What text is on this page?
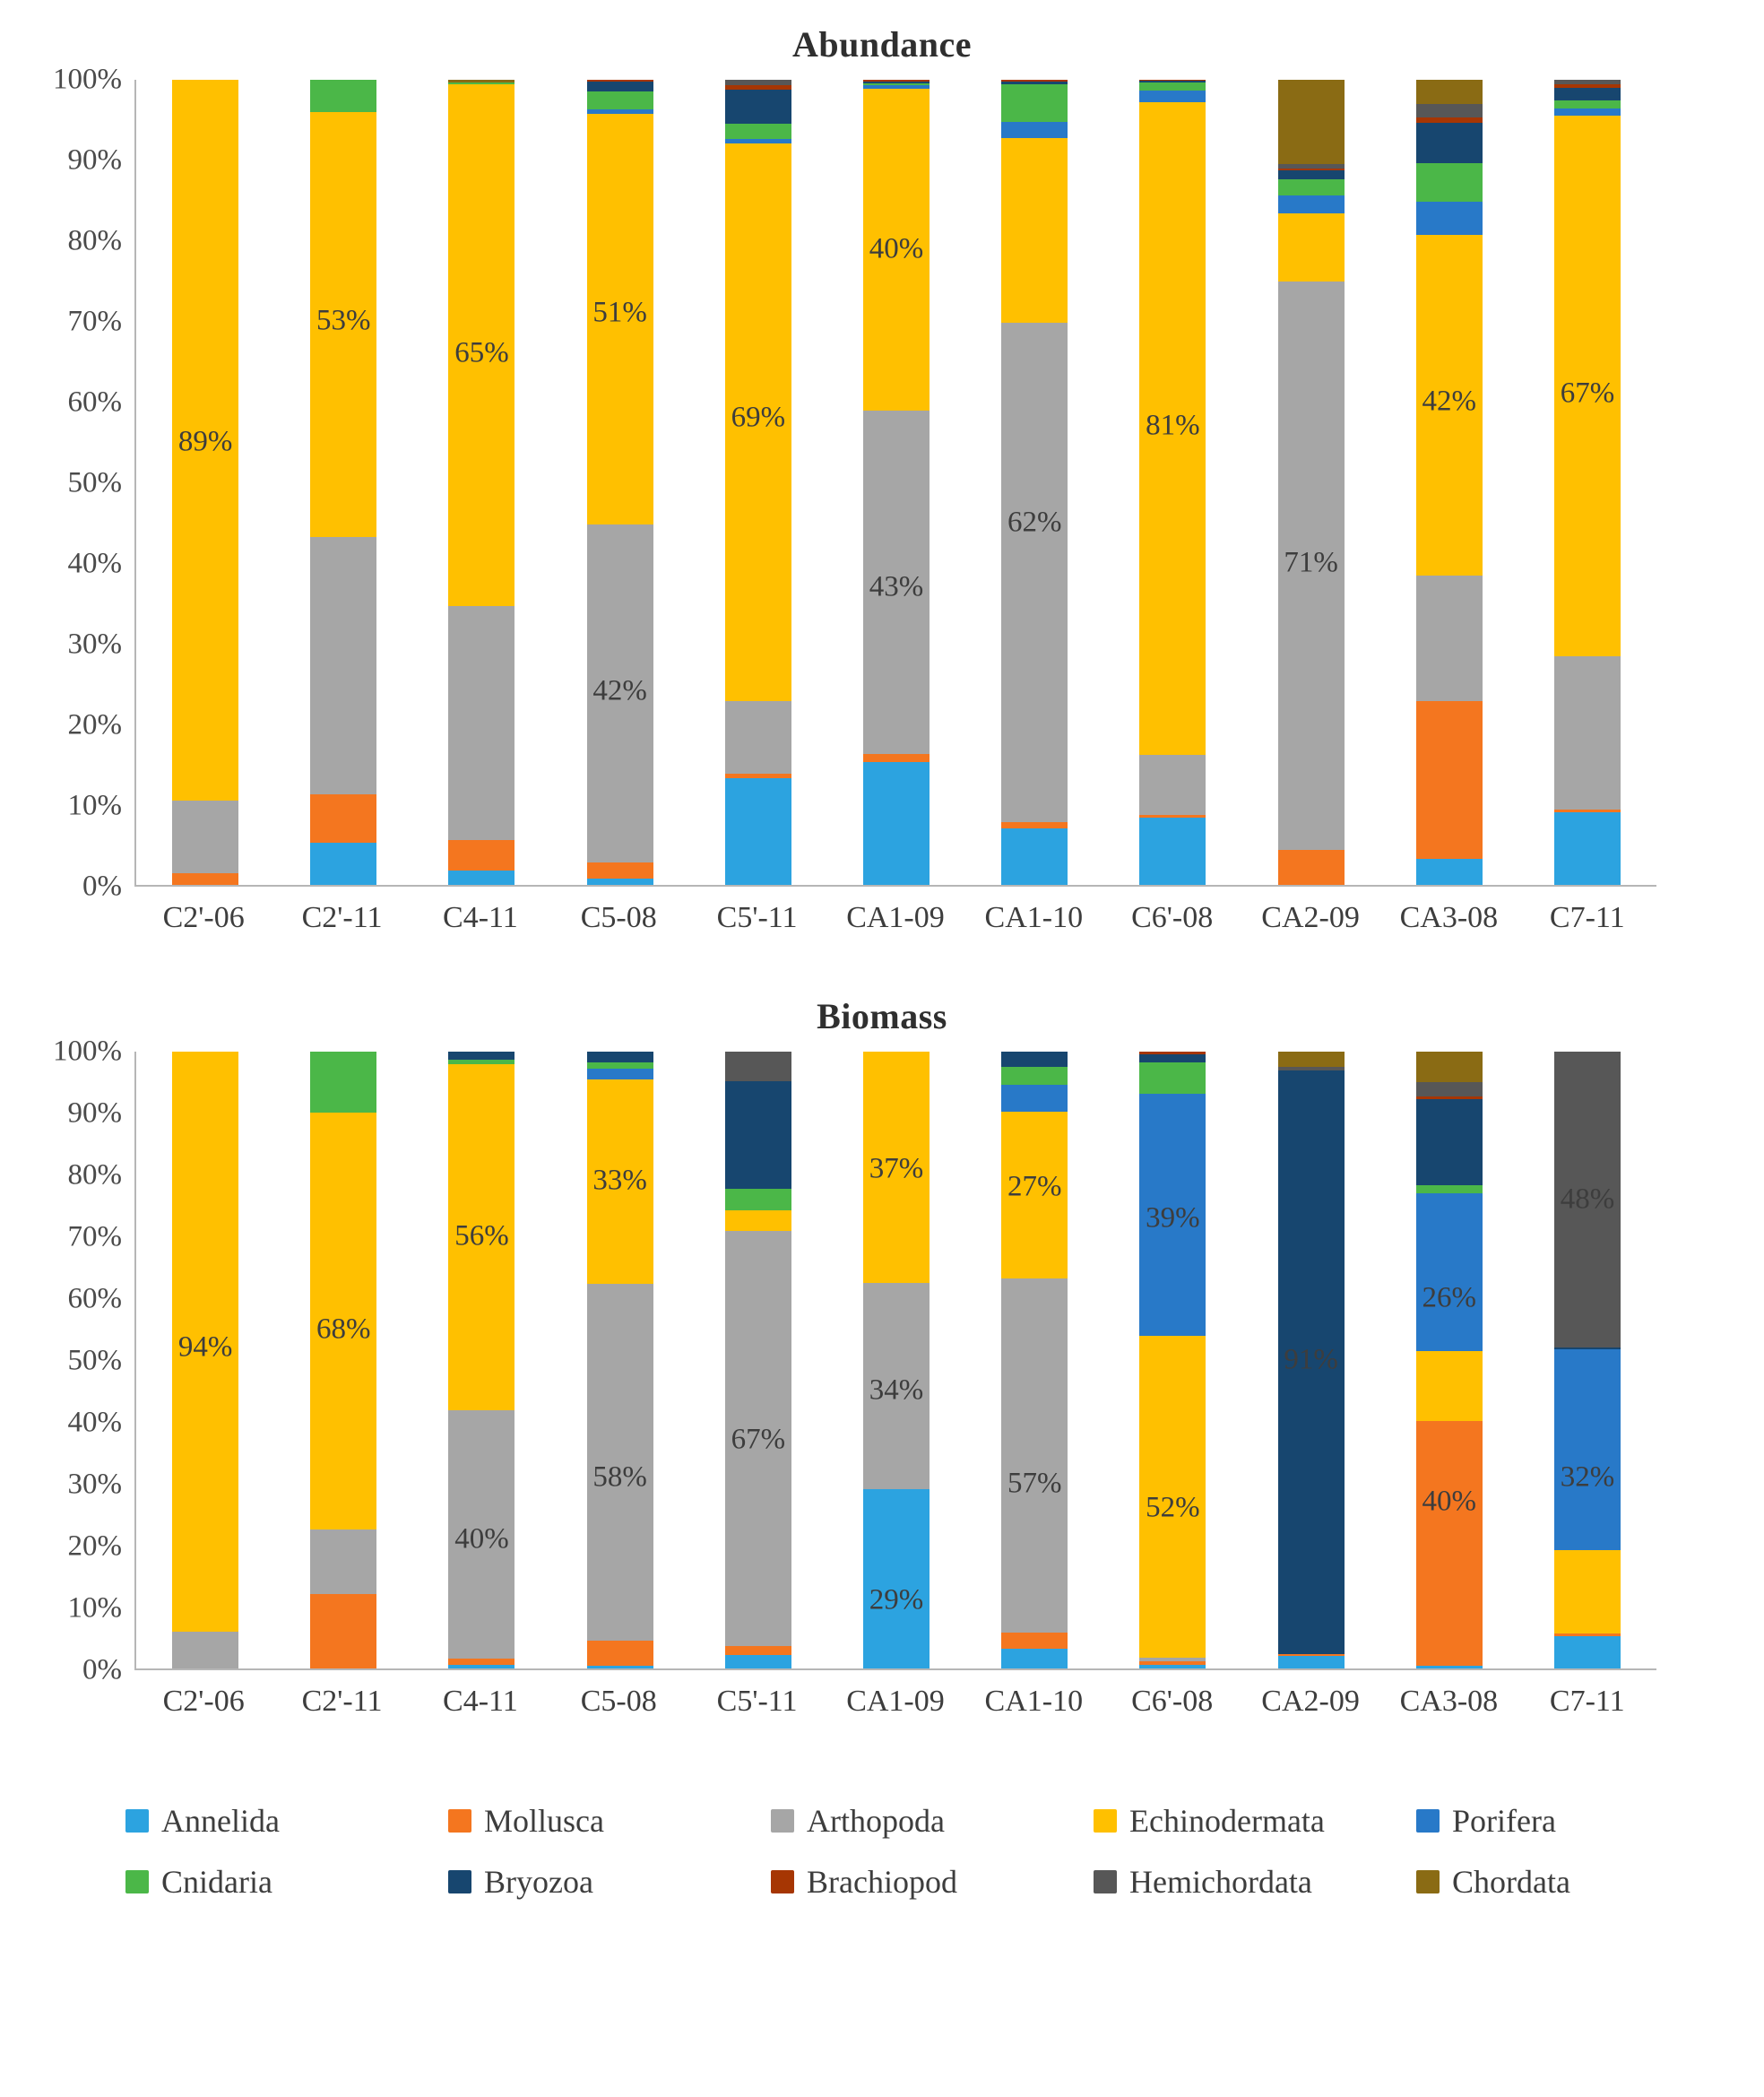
Abundance
0%
10%
20%
30%
40%
50%
60%
70%
80%
90%
100%
89%
53%
65%
42%
51%
69%
43%
40%
62%
81%
71%
42%	67%
C2'-06	C2'-11	C4-11	C5-08	C5'-11	CA1-09	CA1-10	C6'-08	CA2-09	CA3-08	C7-11
Biomass
0%
10%
20%
30%
40%
50%
60%
70%
80%
90%
100%
94%
68%
40%
56%
58%
33%
67%
29%
34%
37%
57%
27%
52%
39%
91%
40%
26%
32%
48%
C2'-06	C2'-11	C4-11	C5-08	C5'-11	CA1-09	CA1-10	C6'-08	CA2-09	CA3-08	C7-11
Annelida	Mollusca	Arthopoda	Echinodermata	Porifera
Cnidaria	Bryozoa	Brachiopod	Hemichordata	Chordata
